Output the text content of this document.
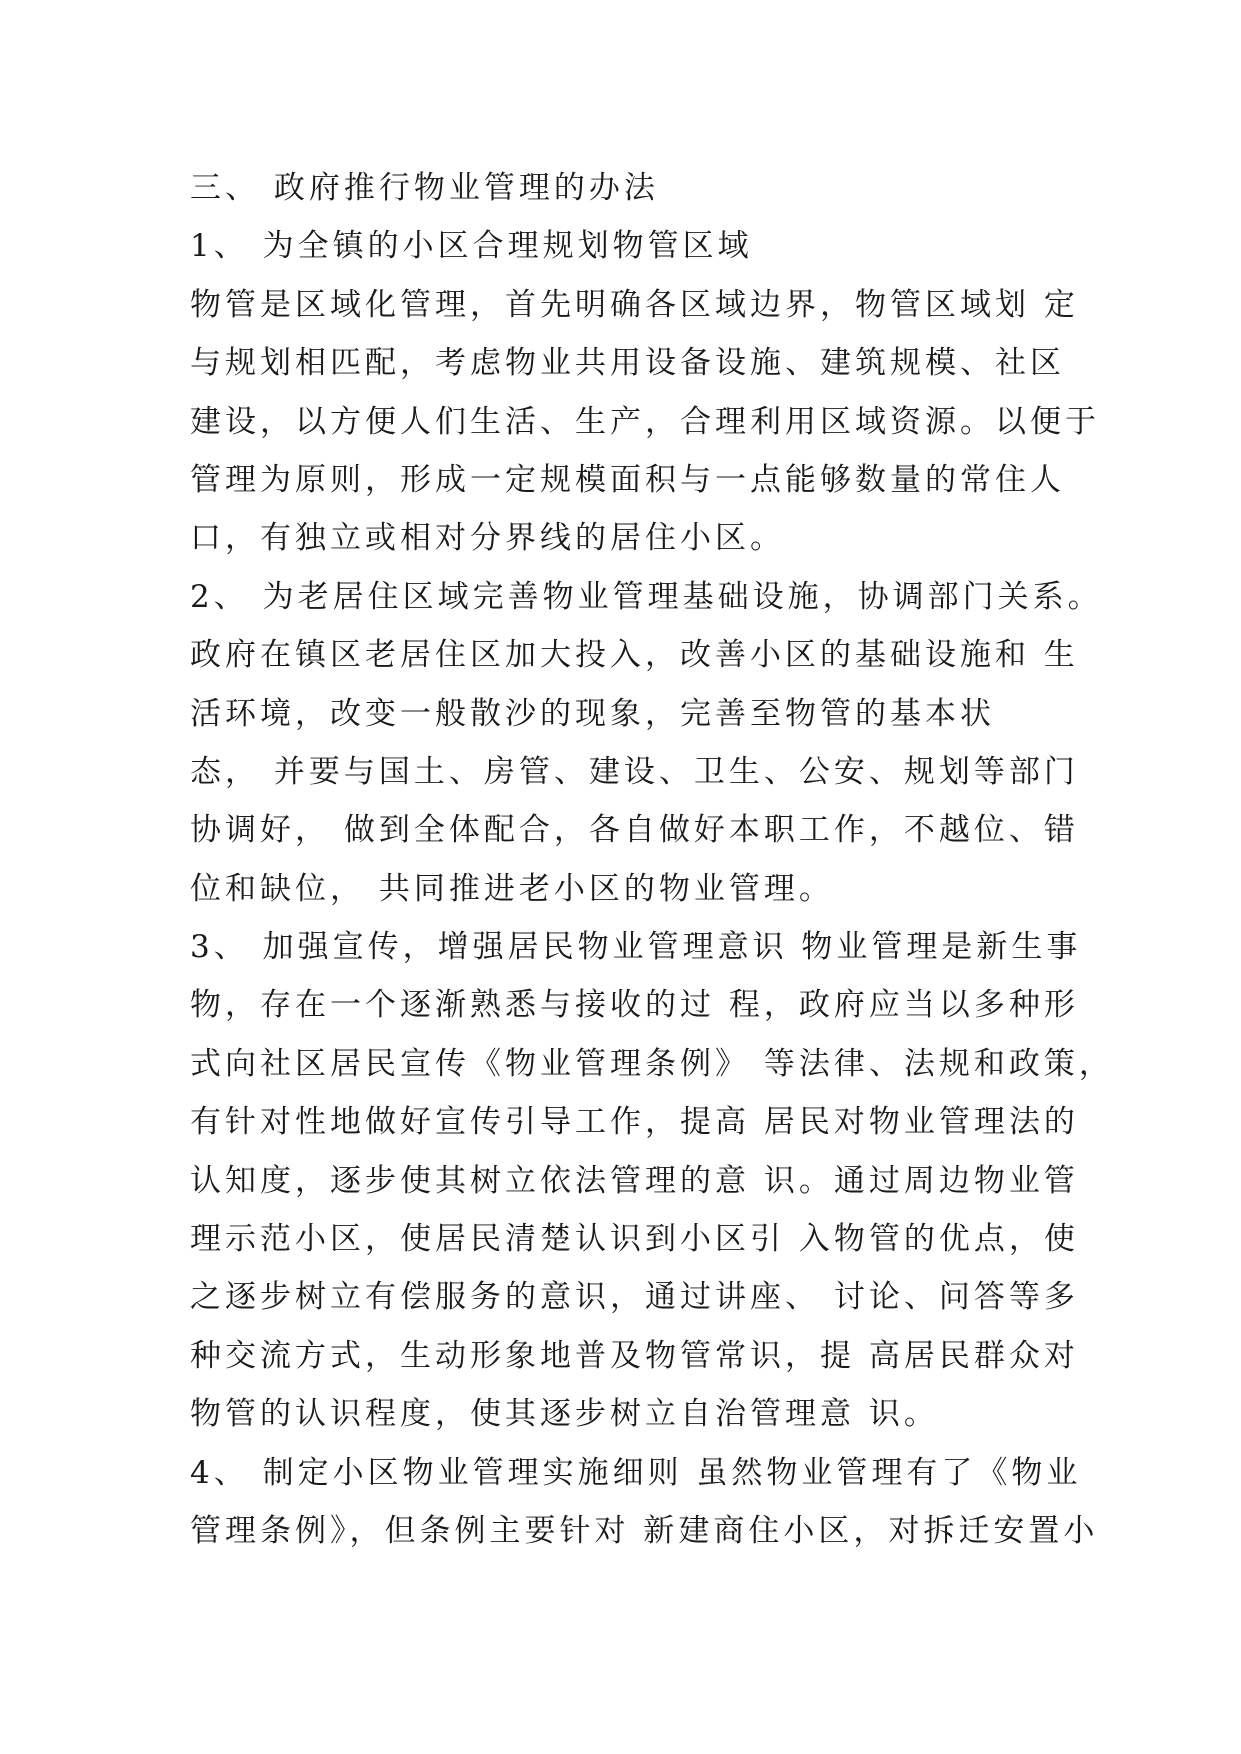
三、 政府推行物业管理的办法
1、 为全镇的小区合理规划物管区域
物管是区域化管理，首先明确各区域边界，物管区域划 定
与规划相匹配，考虑物业共用设备设施、建筑规模、社区
建设，以方便人们生活、生产，合理利用区域资源。以便于
管理为原则，形成一定规模面积与一点能够数量的常住人
口，有独立或相对分界线的居住小区。
2、 为老居住区域完善物业管理基础设施，协调部门关系。
政府在镇区老居住区加大投入，改善小区的基础设施和 生
活环境，改变一般散沙的现象，完善至物管的基本状
态， 并要与国土、房管、建设、卫生、公安、规划等部门
协调好， 做到全体配合，各自做好本职工作，不越位、错
位和缺位， 共同推进老小区的物业管理。
3、 加强宣传，增强居民物业管理意识 物业管理是新生事
物，存在一个逐渐熟悉与接收的过 程，政府应当以多种形
式向社区居民宣传《物业管理条例》 等法律、法规和政策，
有针对性地做好宣传引导工作，提高 居民对物业管理法的
认知度，逐步使其树立依法管理的意 识。通过周边物业管
理示范小区，使居民清楚认识到小区引 入物管的优点，使
之逐步树立有偿服务的意识，通过讲座、 讨论、问答等多
种交流方式，生动形象地普及物管常识，提 高居民群众对
物管的认识程度，使其逐步树立自治管理意 识。
4、 制定小区物业管理实施细则 虽然物业管理有了《物业
管理条例》，但条例主要针对 新建商住小区，对拆迁安置小
